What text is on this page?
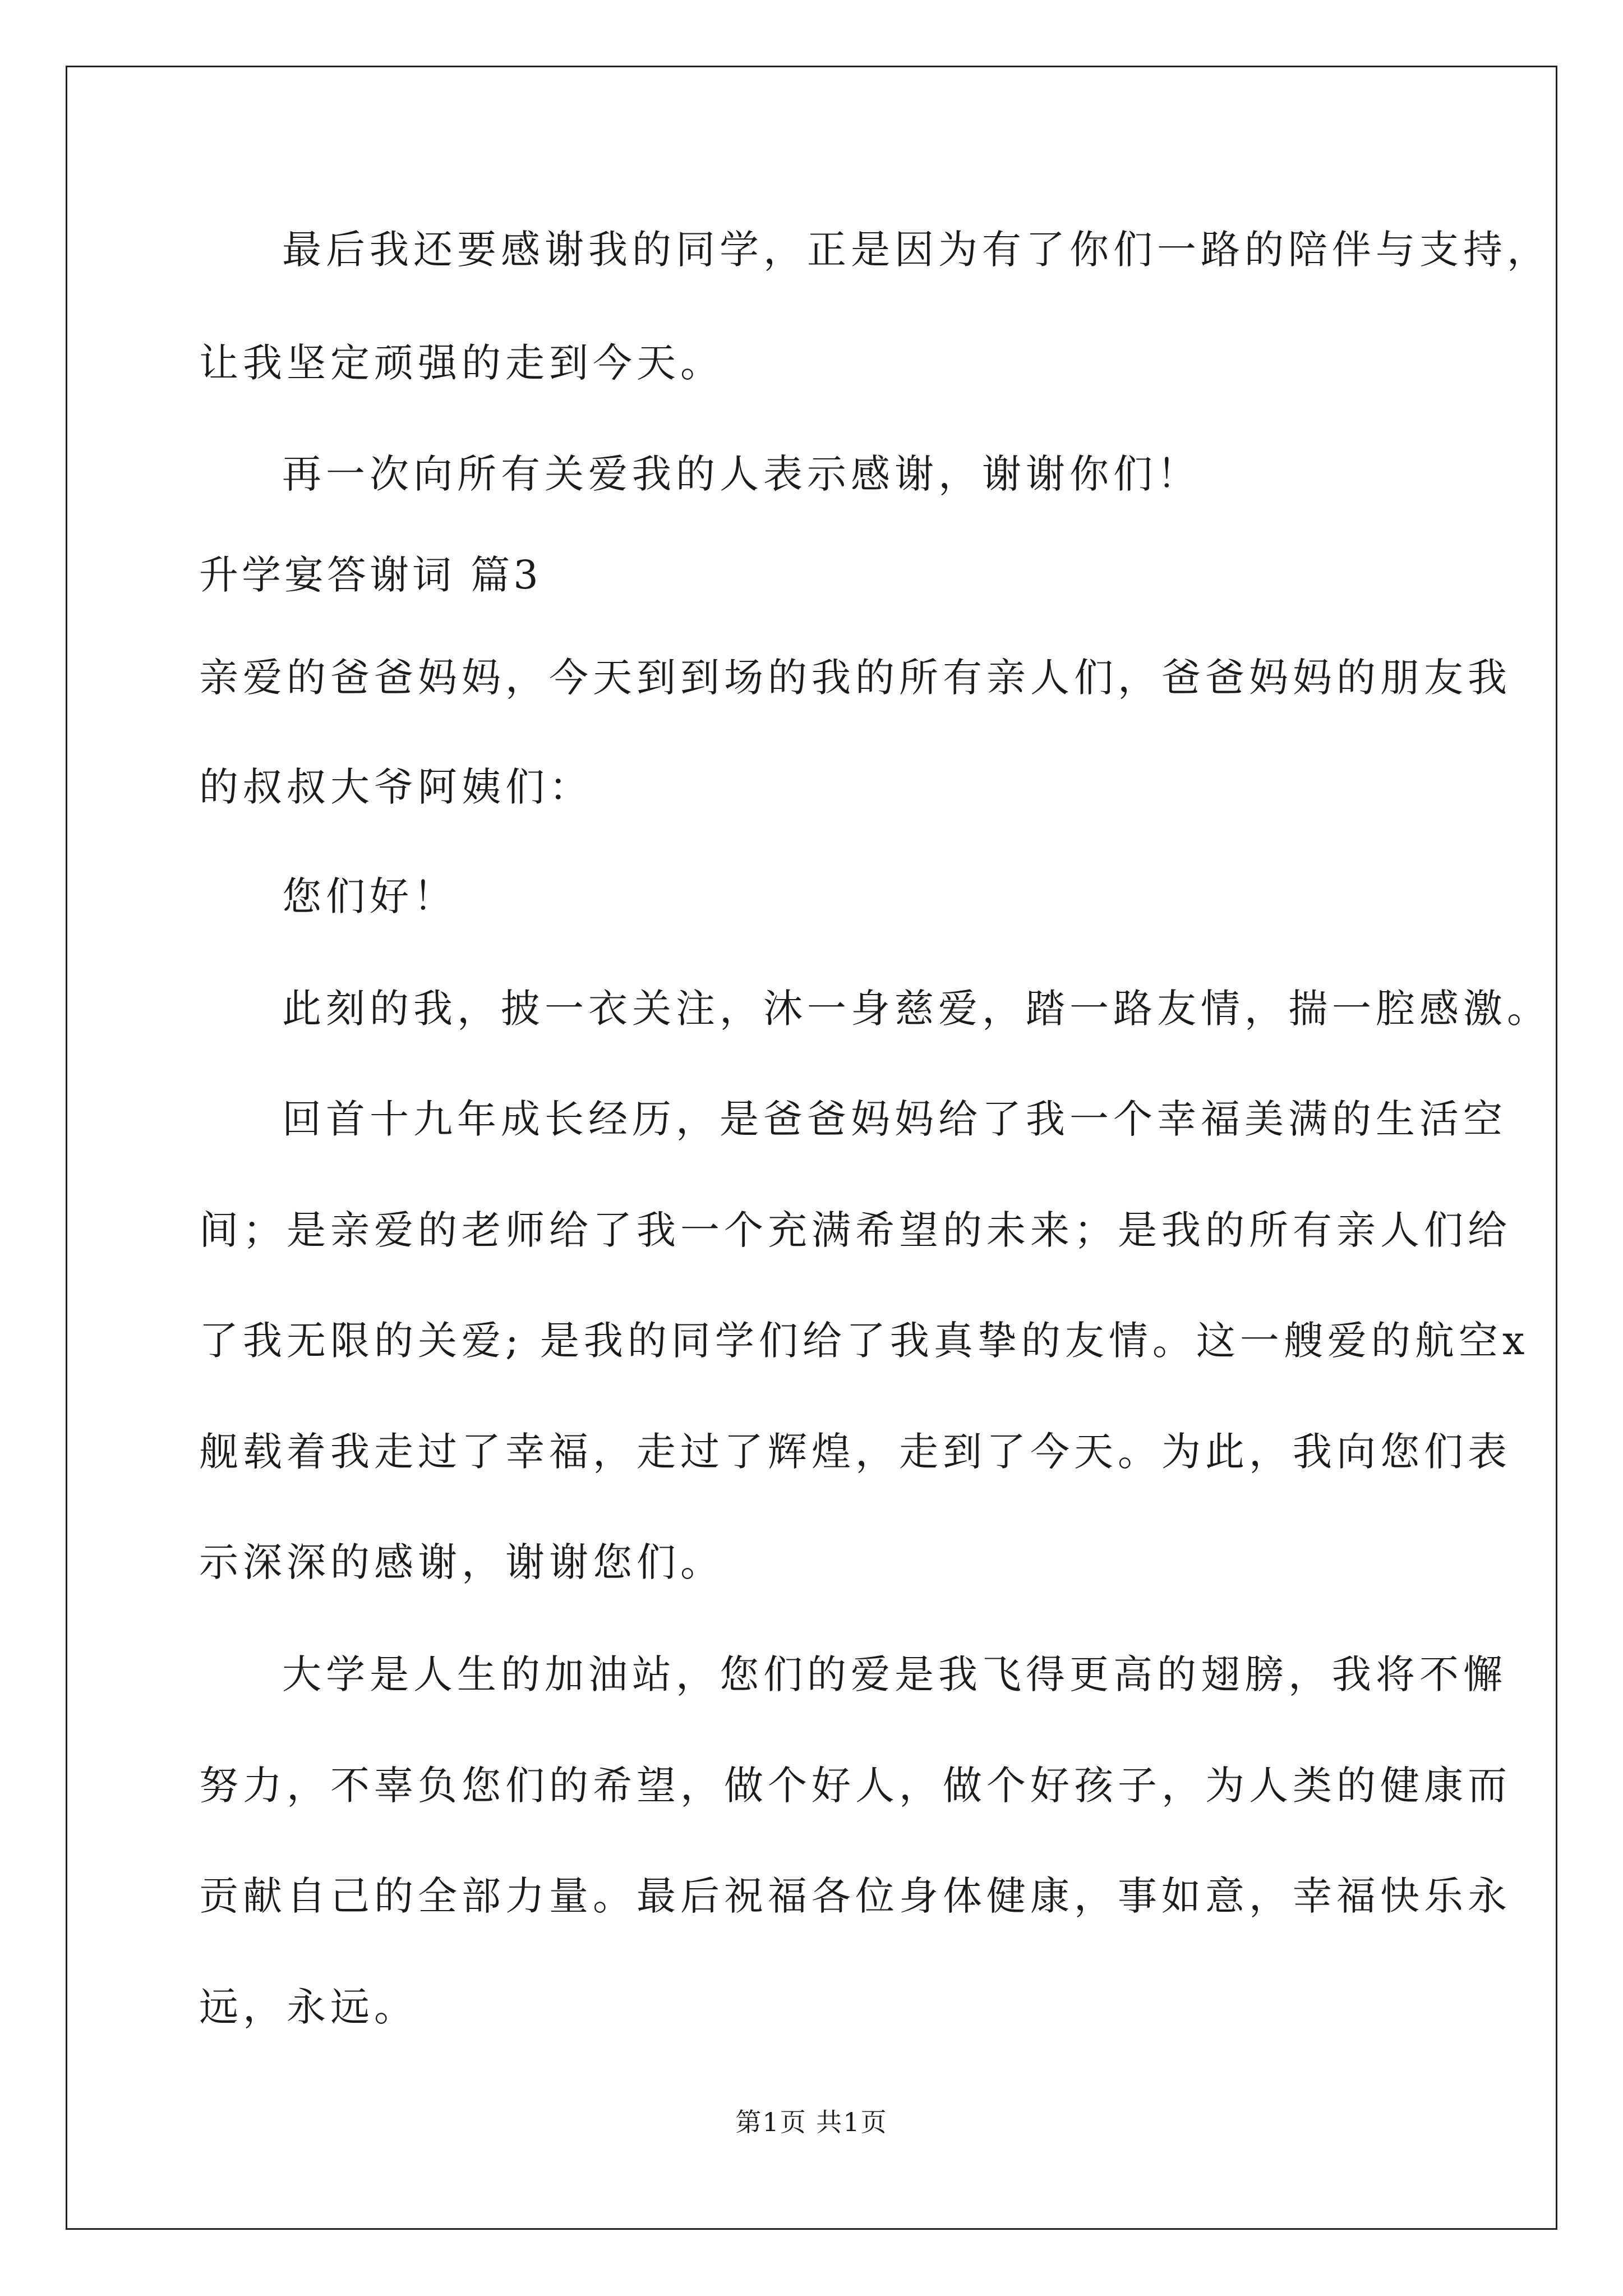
最后我还要感谢我的同学，正是因为有了你们一路的陪伴与支持，
让我坚定顽强的走到今天。
再一次向所有关爱我的人表示感谢，谢谢你们！
升学宴答谢词 篇3
亲爱的爸爸妈妈，今天到到场的我的所有亲人们，爸爸妈妈的朋友我
的叔叔大爷阿姨们：
您们好！
此刻的我，披一衣关注，沐一身慈爱，踏一路友情，揣一腔感激。
回首十九年成长经历，是爸爸妈妈给了我一个幸福美满的生活空
间；是亲爱的老师给了我一个充满希望的未来；是我的所有亲人们给
了我无限的关爱; 是我的同学们给了我真挚的友情。这一艘爱的航空x
舰载着我走过了幸福，走过了辉煌，走到了今天。为此，我向您们表
示深深的感谢，谢谢您们。
大学是人生的加油站，您们的爱是我飞得更高的翅膀，我将不懈
努力，不辜负您们的希望，做个好人，做个好孩子，为人类的健康而
贡献自己的全部力量。最后祝福各位身体健康，事如意，幸福快乐永
远，永远。
第1页 共1页
